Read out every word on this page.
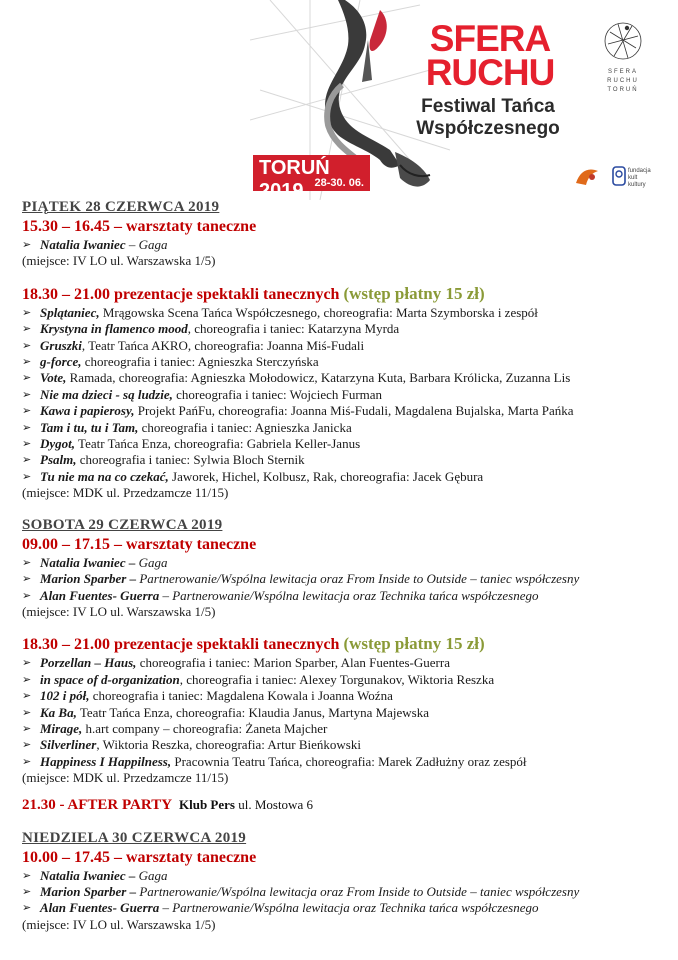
SFERA
RUCHU
Festiwal Tańca
Współczesnego
TORUŃ 2019 28-30. 06.
SFERA
RUCHU
TORUŃ
fundacja
kult
kultury
PIĄTEK 28 CZERWCA 2019
15.30 – 16.45 – warsztaty taneczne
➢ Natalia Iwaniec – Gaga
(miejsce: IV LO ul. Warszawska 1/5)
18.30 – 21.00 prezentacje spektakli tanecznych (wstęp płatny 15 zł)
➢ Splątaniec, Mrągowska Scena Tańca Współczesnego, choreografia: Marta Szymborska i zespół
➢ Krystyna in flamenco mood, choreografia i taniec: Katarzyna Myrda
➢ Gruszki, Teatr Tańca AKRO, choreografia: Joanna Miś-Fudali
➢ g-force, choreografia i taniec: Agnieszka Sterczyńska
➢ Vote, Ramada, choreografia: Agnieszka Mołodowicz, Katarzyna Kuta, Barbara Królicka, Zuzanna Lis
➢ Nie ma dzieci - są ludzie, choreografia i taniec: Wojciech Furman
➢ Kawa i papierosy, Projekt PańFu, choreografia: Joanna Miś-Fudali, Magdalena Bujalska, Marta Pańka
➢ Tam i tu, tu i Tam, choreografia i taniec: Agnieszka Janicka
➢ Dygot, Teatr Tańca Enza, choreografia: Gabriela Keller-Janus
➢ Psalm, choreografia i taniec: Sylwia Bloch Sternik
➢ Tu nie ma na co czekać, Jaworek, Hichel, Kolbusz, Rak, choreografia: Jacek Gębura
(miejsce: MDK ul. Przedzamcze 11/15)
SOBOTA 29 CZERWCA 2019
09.00 – 17.15 – warsztaty taneczne
➢ Natalia Iwaniec – Gaga
➢ Marion Sparber – Partnerowanie/Wspólna lewitacja oraz From Inside to Outside – taniec współczesny
➢ Alan Fuentes- Guerra – Partnerowanie/Wspólna lewitacja oraz Technika tańca współczesnego
(miejsce: IV LO ul. Warszawska 1/5)
18.30 – 21.00 prezentacje spektakli tanecznych (wstęp płatny 15 zł)
➢ Porzellan – Haus, choreografia i taniec: Marion Sparber, Alan Fuentes-Guerra
➢ in space of d-organization, choreografia i taniec: Alexey Torgunakov, Wiktoria Reszka
➢ 102 i pół, choreografia i taniec: Magdalena Kowala i Joanna Woźna
➢ Ka Ba, Teatr Tańca Enza, choreografia: Klaudia Janus, Martyna Majewska
➢ Mirage, h.art company – choreografia: Żaneta Majcher
➢ Silverliner, Wiktoria Reszka, choreografia: Artur Bieńkowski
➢ Happiness I Happilness, Pracownia Teatru Tańca, choreografia: Marek Zadłużny oraz zespół
(miejsce: MDK ul. Przedzamcze 11/15)
21.30 - AFTER PARTY Klub Pers ul. Mostowa 6
NIEDZIELA 30 CZERWCA 2019
10.00 – 17.45 – warsztaty taneczne
➢ Natalia Iwaniec – Gaga
➢ Marion Sparber – Partnerowanie/Wspólna lewitacja oraz From Inside to Outside – taniec współczesny
➢ Alan Fuentes- Guerra – Partnerowanie/Wspólna lewitacja oraz Technika tańca współczesnego
(miejsce: IV LO ul. Warszawska 1/5)
